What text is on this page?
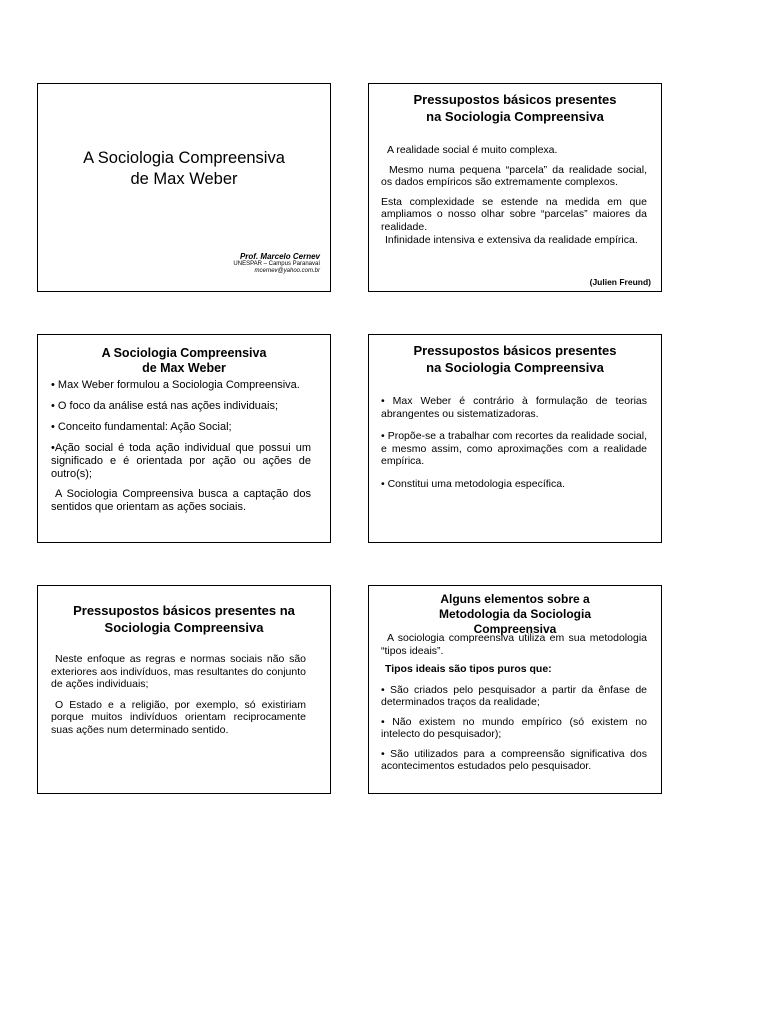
A Sociologia Compreensiva
de Max Weber
Prof. Marcelo Cernev
UNESPAR – Campus Paranavaí
mcernev@yahoo.com.br
Pressupostos básicos presentes
na Sociologia Compreensiva

A realidade social é muito complexa.

Mesmo numa pequena “parcela” da realidade social, os dados empíricos são extremamente complexos.

Esta complexidade se estende na medida em que ampliamos o nosso olhar sobre “parcelas” maiores da realidade.

Infinidade intensiva e extensiva da realidade empírica.

(Julien Freund)
A Sociologia Compreensiva
de Max Weber

• Max Weber formulou a Sociologia Compreensiva.

• O foco da análise está nas ações individuais;

• Conceito fundamental: Ação Social;

•Ação social é toda ação individual que possui um significado e é orientada por ação ou ações de outro(s);

A Sociologia Compreensiva busca a captação dos sentidos que orientam as ações sociais.

Pressupostos básicos presentes
na Sociologia Compreensiva

• Max Weber é contrário à formulação de teorias abrangentes ou sistematizadoras.

• Propõe-se a trabalhar com recortes da realidade social, e mesmo assim, como aproximações com a realidade empírica.

• Constitui uma metodologia específica.

Pressupostos básicos presentes na
Sociologia Compreensiva

Neste enfoque as regras e normas sociais não são exteriores aos indivíduos, mas resultantes do conjunto de ações individuais;

O Estado e a religião, por exemplo, só existiriam porque muitos indivíduos orientam reciprocamente suas ações num determinado sentido.

Alguns elementos sobre a
Metodologia da Sociologia
Compreensiva

A sociologia compreensiva utiliza em sua metodologia “tipos ideais”.

Tipos ideais são tipos puros que:

• São criados pelo pesquisador a partir da ênfase de determinados traços da realidade;

• Não existem no mundo empírico (só existem no intelecto do pesquisador);

• São utilizados para a compreensão significativa dos acontecimentos estudados pelo pesquisador.
